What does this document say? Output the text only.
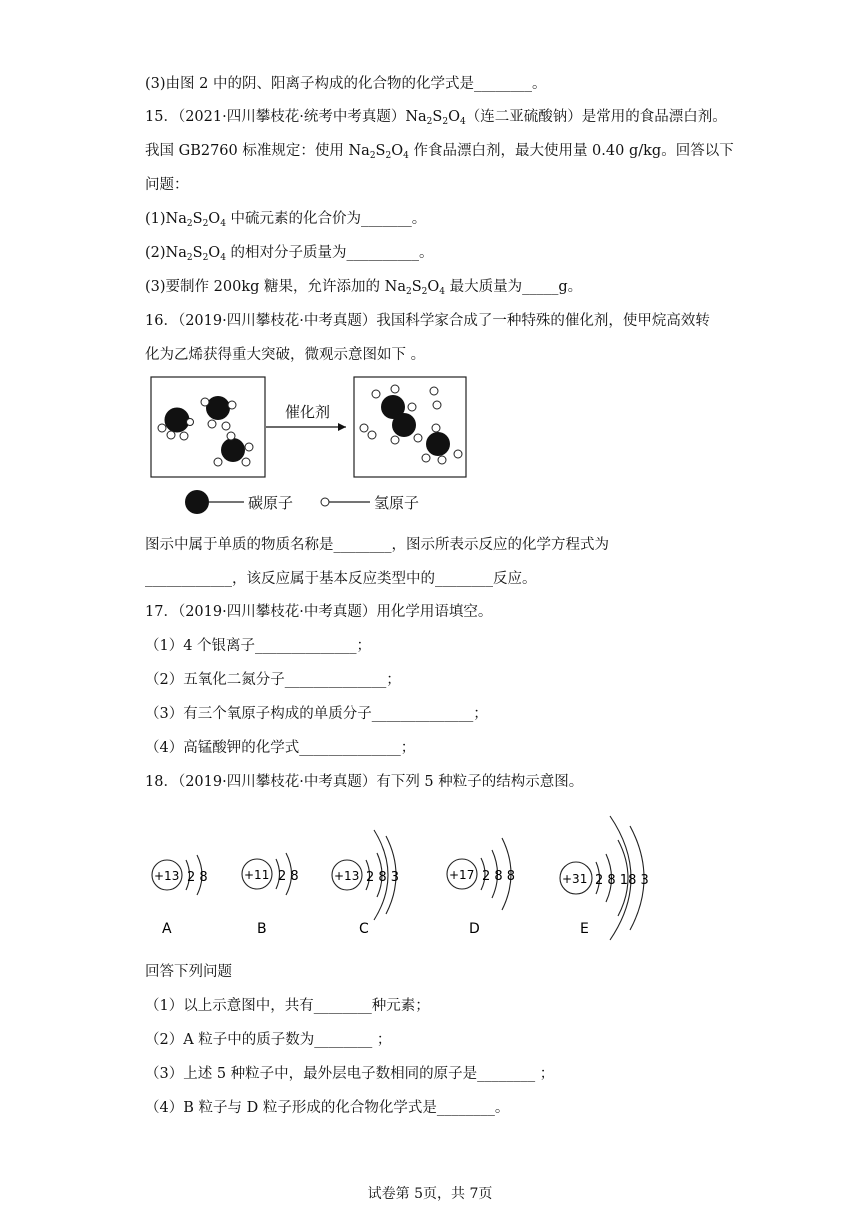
(3)由图 2 中的阴、阳离子构成的化合物的化学式是________。
15．（2021·四川攀枝花·统考中考真题）$Na_2S_2O_4$（连二亚硫酸钠）是常用的食品漂白剂。
我国 GB2760 标准规定：使用 $Na_2S_2O_4$ 作食品漂白剂，最大使用量 0.40 g/kg。回答以下
问题：
$(1)Na_2S_2O_4$ 中硫元素的化合价为_______。
$(2)Na_2S_2O_4$ 的相对分子质量为__________。
(3)要制作 200kg 糖果，允许添加的 $Na_2S_2O_4$ 最大质量为_____g。
16．（2019·四川攀枝花·中考真题）我国科学家合成了一种特殊的催化剂，使甲烷高效转
化为乙烯获得重大突破，微观示意图如下 。
催化剂
碳原子	氢原子
图示中属于单质的物质名称是________，图示所表示反应的化学方程式为
____________，该反应属于基本反应类型中的________反应。
17．（2019·四川攀枝花·中考真题）用化学用语填空。
（1）4 个银离子______________；
（2）五氧化二氮分子______________；
（3）有三个氧原子构成的单质分子______________；
（4）高锰酸钾的化学式______________；
18．（2019·四川攀枝花·中考真题）有下列 5 种粒子的结构示意图。
+13 2 8
A
+11 2 8
B
+13 2 8 3
C
+17 2 8 8
D
+31 2 8 18 3
E
回答下列问题
（1）以上示意图中，共有________种元素；
（2）A 粒子中的质子数为________ ；
（3）上述 5 种粒子中，最外层电子数相同的原子是________ ；
（4）B 粒子与 D 粒子形成的化合物化学式是________。
试卷第 5页，共 7页
